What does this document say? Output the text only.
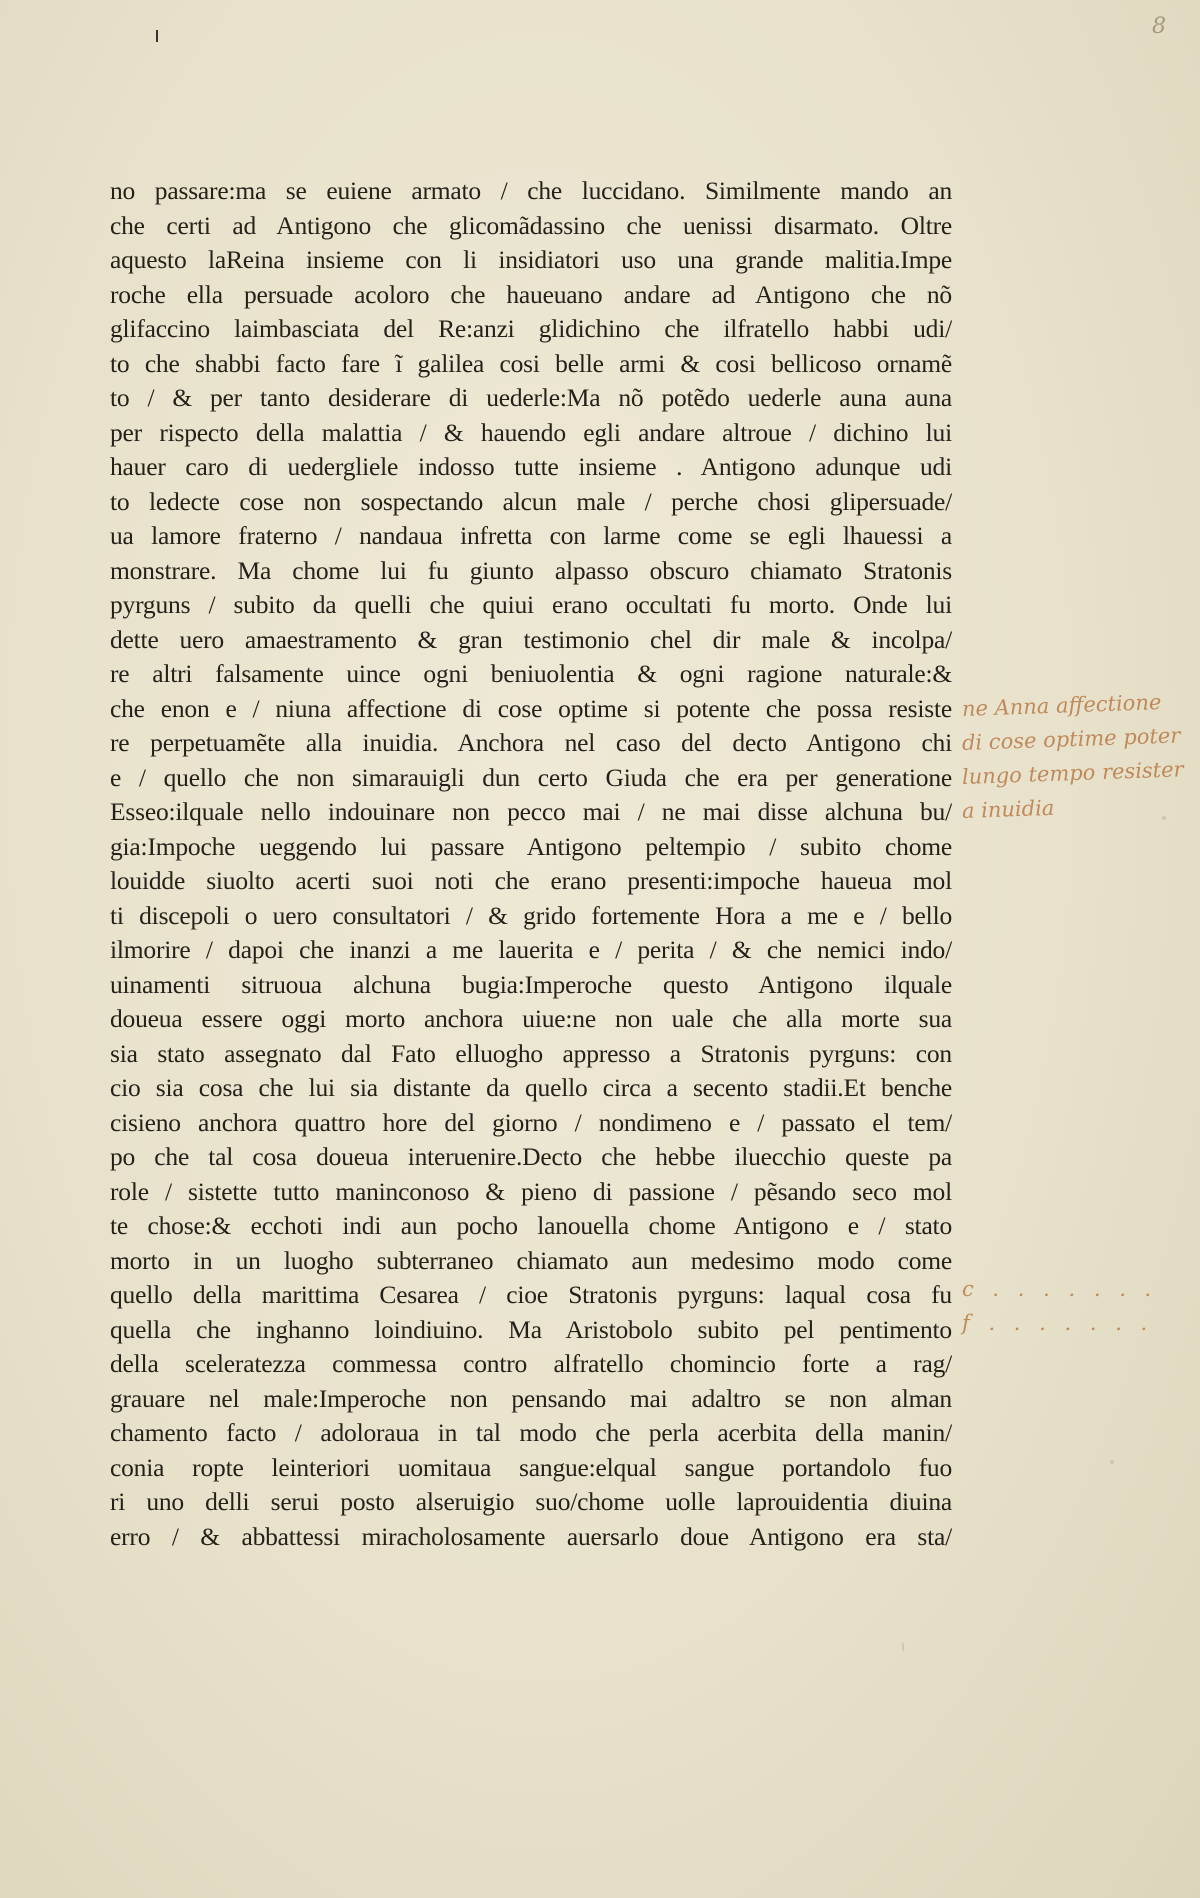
8
no passare:ma se euiene armato / che luccidano. Similmente mando an
che certi ad Antigono che glicomãdassino che uenissi disarmato. Oltre
aquesto laReina insieme con li insidiatori uso una grande malitia.Impe
roche ella persuade acoloro che haueuano andare ad Antigono che nõ
glifaccino laimbasciata del Re:anzi glidichino che ilfratello habbi udi/
to che shabbi facto fare ĩ galilea cosi belle armi & cosi bellicoso ornamẽ
to / & per tanto desiderare di uederle:Ma nõ potẽdo uederle auna auna
per rispecto della malattia / & hauendo egli andare altroue / dichino lui
hauer caro di uedergliele indosso tutte insieme . Antigono adunque udi
to ledecte cose non sospectando alcun male / perche chosi glipersuade/
ua lamore fraterno / nandaua infretta con larme come se egli lhauessi a
monstrare. Ma chome lui fu giunto alpasso obscuro chiamato Stratonis
pyrguns / subito da quelli che quiui erano occultati fu morto. Onde lui
dette uero amaestramento & gran testimonio chel dir male & incolpa/
re altri falsamente uince ogni beniuolentia & ogni ragione naturale:&
che enon e / niuna affectione di cose optime si potente che possa resiste
re perpetuamẽte alla inuidia. Anchora nel caso del decto Antigono chi
e / quello che non simarauigli dun certo Giuda che era per generatione
Esseo:ilquale nello indouinare non pecco mai / ne mai disse alchuna bu/
gia:Impoche ueggendo lui passare Antigono peltempio / subito chome
louidde siuolto acerti suoi noti che erano presenti:impoche haueua mol
ti discepoli o uero consultatori / & grido fortemente Hora a me e / bello
ilmorire / dapoi che inanzi a me lauerita e / perita / & che nemici indo/
uinamenti sitruoua alchuna bugia:Imperoche questo Antigono ilquale
doueua essere oggi morto anchora uiue:ne non uale che alla morte sua
sia stato assegnato dal Fato elluogho appresso a Stratonis pyrguns: con
cio sia cosa che lui sia distante da quello circa a secento stadii.Et benche
cisieno anchora quattro hore del giorno / nondimeno e / passato el tem/
po che tal cosa doueua interuenire.Decto che hebbe iluecchio queste pa
role / sistette tutto maninconoso & pieno di passione / pẽsando seco mol
te chose:& ecchoti indi aun pocho lanouella chome Antigono e / stato
morto in un luogho subterraneo chiamato aun medesimo modo come
quello della marittima Cesarea / cioe Stratonis pyrguns: laqual cosa fu
quella che inghanno loindiuino. Ma Aristobolo subito pel pentimento
della sceleratezza commessa contro alfratello chomincio forte a rag/
grauare nel male:Imperoche non pensando mai adaltro se non alman
chamento facto / adoloraua in tal modo che perla acerbita della manin/
conia ropte leinteriori uomitaua sangue:elqual sangue portandolo fuo
ri uno delli serui posto alseruigio suo/chome uolle laprouidentia diuina
erro / & abbattessi miracholosamente auersarlo doue Antigono era sta/
ne Anna affectione
di cose optime poter
lungo tempo resister
a inuidia
c . . . . . . .
f . . . . . . .
